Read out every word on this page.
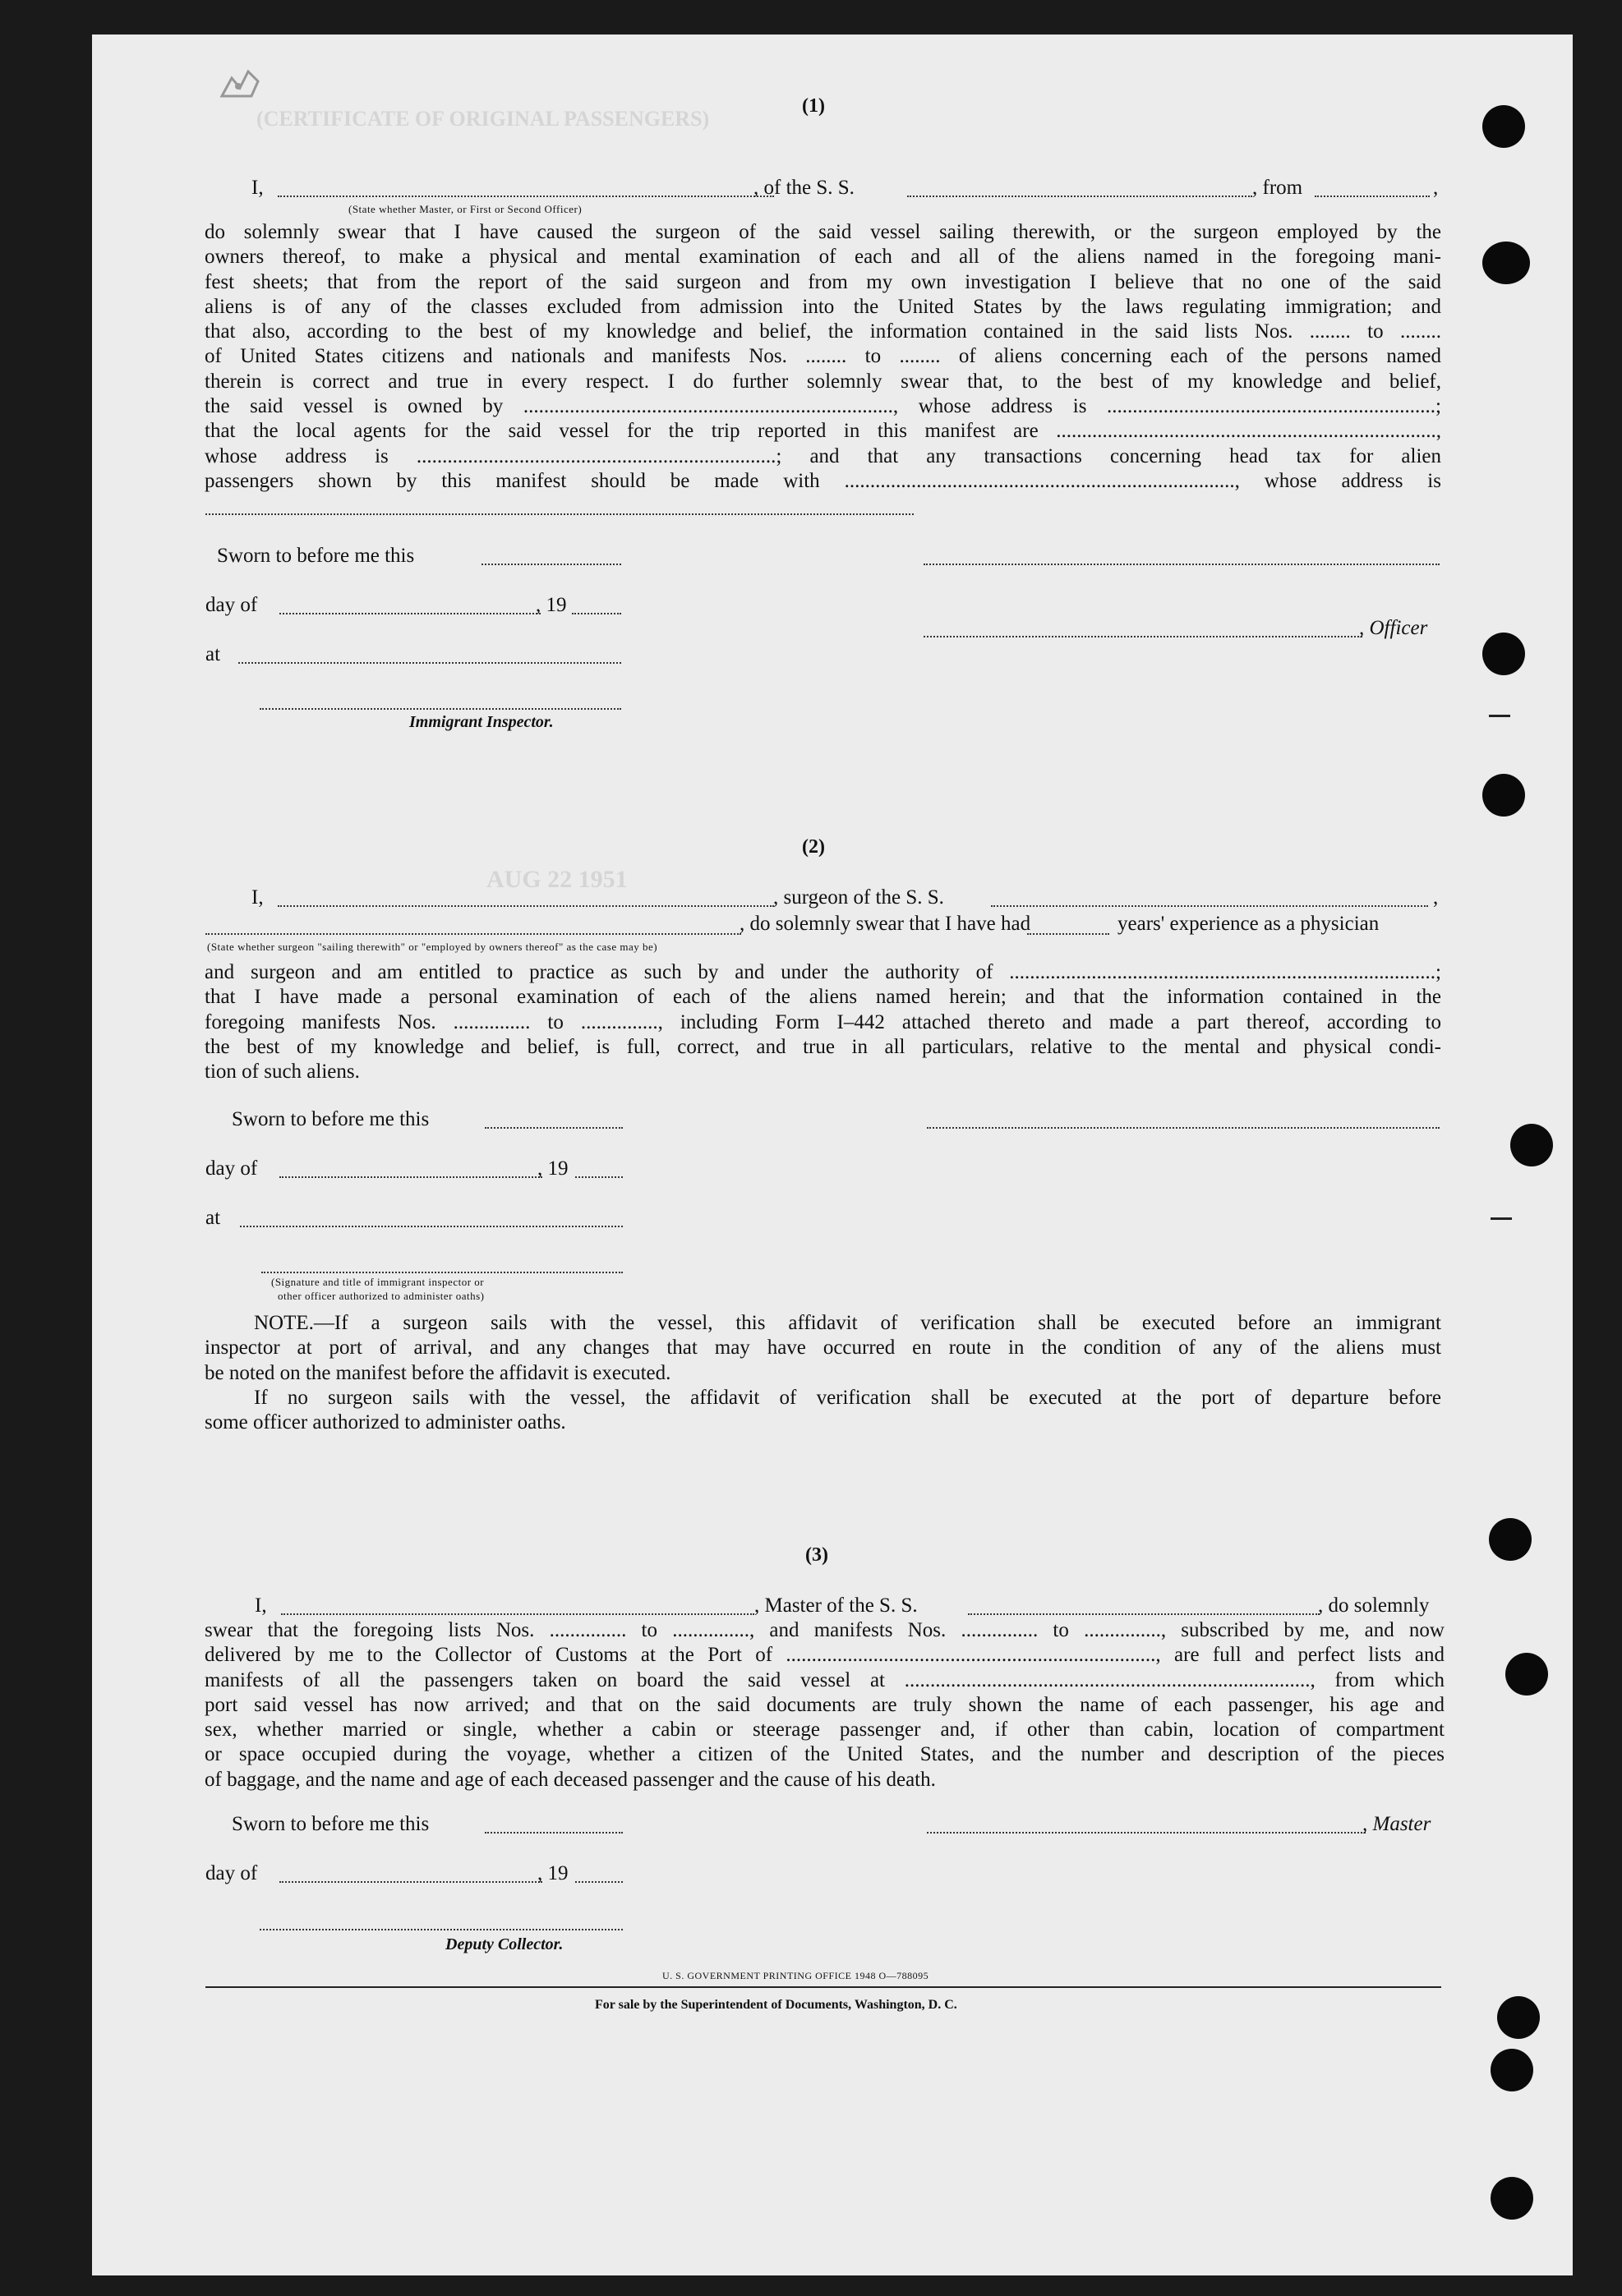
(CERTIFICATE OF ORIGINAL PASSENGERS)
(1)
I,	, of the S. S.	, from	,
(State whether Master, or First or Second Officer)
do solemnly swear that I have caused the surgeon of the said vessel sailing therewith, or the surgeon employed by the
owners thereof, to make a physical and mental examination of each and all of the aliens named in the foregoing mani-
fest sheets; that from the report of the said surgeon and from my own investigation I believe that no one of the said
aliens is of any of the classes excluded from admission into the United States by the laws regulating immigration; and
that also, according to the best of my knowledge and belief, the information contained in the said lists Nos. ........ to ........
of United States citizens and nationals and manifests Nos. ........ to ........ of aliens concerning each of the persons named
therein is correct and true in every respect. I do further solemnly swear that, to the best of my knowledge and belief,
the said vessel is owned by ........................................................................, whose address is ................................................................;
that the local agents for the said vessel for the trip reported in this manifest are ..........................................................................,
whose address is ......................................................................; and that any transactions concerning head tax for alien
passengers shown by this manifest should be made with ............................................................................, whose address is
Sworn to before me this
day of	, 19
, Officer
at
Immigrant Inspector.
(2)
AUG 22 1951
I,	, surgeon of the S. S.	,
, do solemnly swear that I have had	years' experience as a physician
(State whether surgeon "sailing therewith" or "employed by owners thereof" as the case may be)
and surgeon and am entitled to practice as such by and under the authority of ...................................................................................;
that I have made a personal examination of each of the aliens named herein; and that the information contained in the
foregoing manifests Nos. ............... to ..............., including Form I–442 attached thereto and made a part thereof, according to
the best of my knowledge and belief, is full, correct, and true in all particulars, relative to the mental and physical condi-
tion of such aliens.
Sworn to before me this
day of	, 19
at
(Signature and title of immigrant inspector or
other officer authorized to administer oaths)
NOTE.—If a surgeon sails with the vessel, this affidavit of verification shall be executed before an immigrant
inspector at port of arrival, and any changes that may have occurred en route in the condition of any of the aliens must
be noted on the manifest before the affidavit is executed.
If no surgeon sails with the vessel, the affidavit of verification shall be executed at the port of departure before
some officer authorized to administer oaths.
(3)
I,	, Master of the S. S.	, do solemnly
swear that the foregoing lists Nos. ............... to ..............., and manifests Nos. ............... to ..............., subscribed by me, and now
delivered by me to the Collector of Customs at the Port of ........................................................................, are full and perfect lists and
manifests of all the passengers taken on board the said vessel at ..............................................................................., from which
port said vessel has now arrived; and that on the said documents are truly shown the name of each passenger, his age and
sex, whether married or single, whether a cabin or steerage passenger and, if other than cabin, location of compartment
or space occupied during the voyage, whether a citizen of the United States, and the number and description of the pieces
of baggage, and the name and age of each deceased passenger and the cause of his death.
Sworn to before me this	, Master
day of	, 19
Deputy Collector.
U. S. GOVERNMENT PRINTING OFFICE 1948 O—788095
For sale by the Superintendent of Documents, Washington, D. C.
